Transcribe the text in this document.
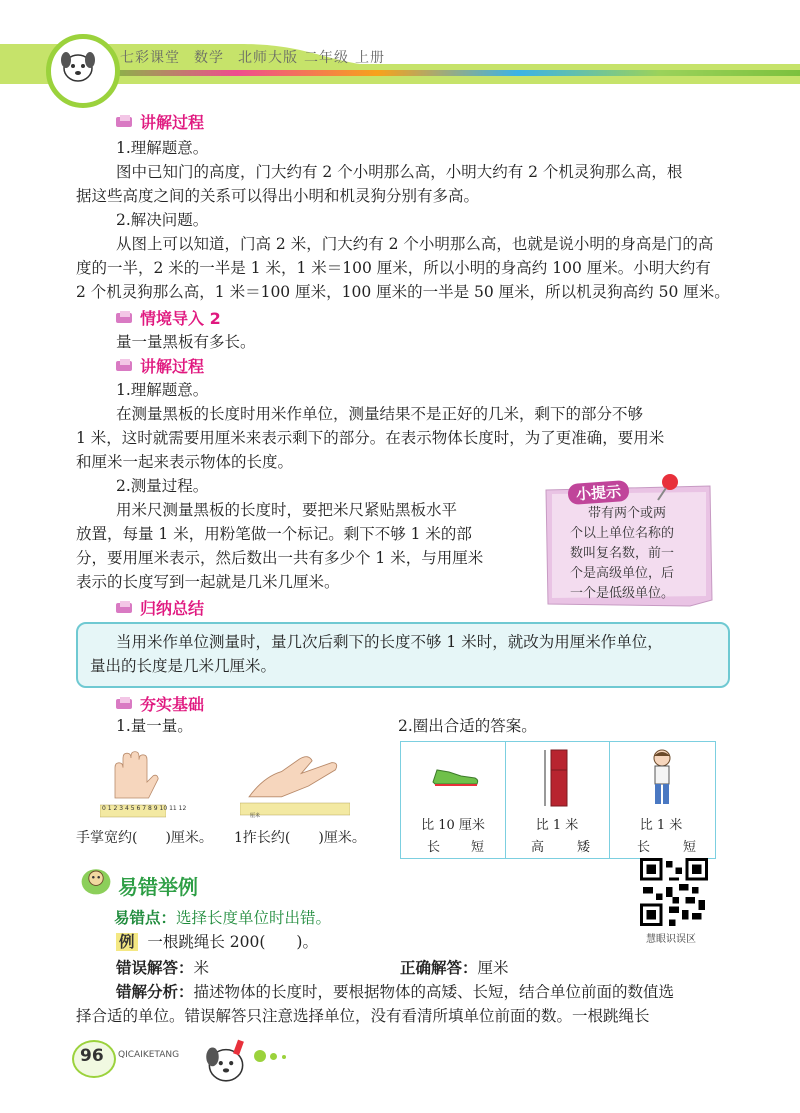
七彩课堂 数学 北师大版 二年级 上册
讲解过程
1.理解题意。
图中已知门的高度，门大约有 2 个小明那么高，小明大约有 2 个机灵狗那么高，根
据这些高度之间的关系可以得出小明和机灵狗分别有多高。
2.解决问题。
从图上可以知道，门高 2 米，门大约有 2 个小明那么高，也就是说小明的身高是门的高
度的一半，2 米的一半是 1 米，1 米＝100 厘米，所以小明的身高约 100 厘米。小明大约有
2 个机灵狗那么高，1 米＝100 厘米，100 厘米的一半是 50 厘米，所以机灵狗高约 50 厘米。
情境导入 2
量一量黑板有多长。
讲解过程
1.理解题意。
在测量黑板的长度时用米作单位，测量结果不是正好的几米，剩下的部分不够
1 米，这时就需要用厘米来表示剩下的部分。在表示物体长度时，为了更准确，要用米
和厘米一起来表示物体的长度。
2.测量过程。
用米尺测量黑板的长度时，要把米尺紧贴黑板水平
放置，每量 1 米，用粉笔做一个标记。剩下不够 1 米的部
分，要用厘米表示，然后数出一共有多少个 1 米，与用厘米
表示的长度写到一起就是几米几厘米。
小提示
带有两个或两
个以上单位名称的
数叫复名数，前一
个是高级单位，后
一个是低级单位。
归纳总结
当用米作单位测量时，量几次后剩下的长度不够 1 米时，就改为用厘米作单位，
量出的长度是几米几厘米。
夯实基础
1.量一量。	2.圈出合适的答案。
0 1 2 3 4 5 6 7 8 9 10 11 12
厘米
手掌宽约(　　)厘米。 1拃长约(　　)厘米。
比 10 厘米
长 短
比 1 米
高	矮
比 1 米
长	短
易错举例
易错点：选择长度单位时出错。
例 一根跳绳长 200(　　)。
错误解答：米	正确解答：厘米
错解分析：描述物体的长度时，要根据物体的高矮、长短，结合单位前面的数值选
择合适的单位。错误解答只注意选择单位，没有看清所填单位前面的数。一根跳绳长
慧眼识误区
96 QICAIKETANG
